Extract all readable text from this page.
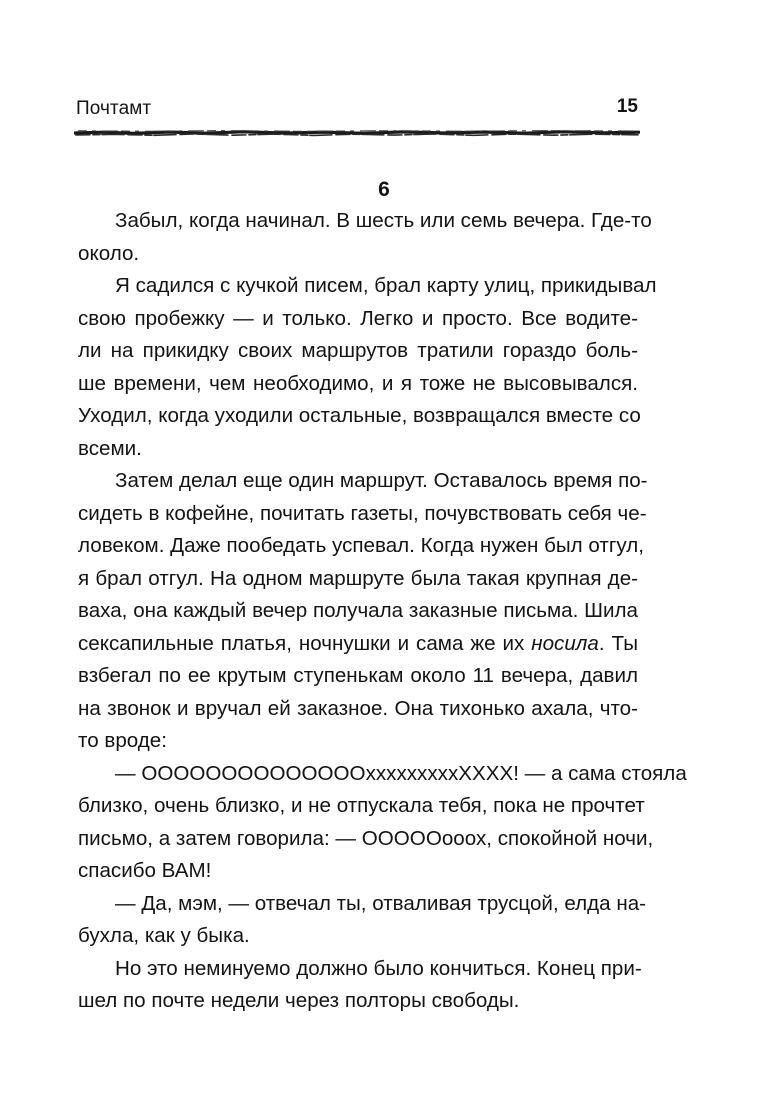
Почтамт	15
6

Забыл, когда начинал. В шесть или семь вечера. Где-то
около.

Я садился с кучкой писем, брал карту улиц, прикидывал
свою пробежку — и только. Легко и просто. Все водите-
ли на прикидку своих маршрутов тратили гораздо боль-
ше времени, чем необходимо, и я тоже не высовывался.
Уходил, когда уходили остальные, возвращался вместе со
всеми.

Затем делал еще один маршрут. Оставалось время по-
сидеть в кофейне, почитать газеты, почувствовать себя че-
ловеком. Даже пообедать успевал. Когда нужен был отгул,
я брал отгул. На одном маршруте была такая крупная де-
ваха, она каждый вечер получала заказные письма. Шила
сексапильные платья, ночнушки и сама же их носила. Ты
взбегал по ее крутым ступенькам около 11 вечера, давил
на звонок и вручал ей заказное. Она тихонько ахала, что-
то вроде:

— ООООООООООООООxxxxxxxxxХХХХ! — а сама стояла
близко, очень близко, и не отпускала тебя, пока не прочтет
письмо, а затем говорила: — ООООOооох, спокойной ночи,
спасибо ВАМ!

— Да, мэм, — отвечал ты, отваливая трусцой, елда на-
бухла, как у быка.

Но это неминуемо должно было кончиться. Конец при-
шел по почте недели через полторы свободы.
